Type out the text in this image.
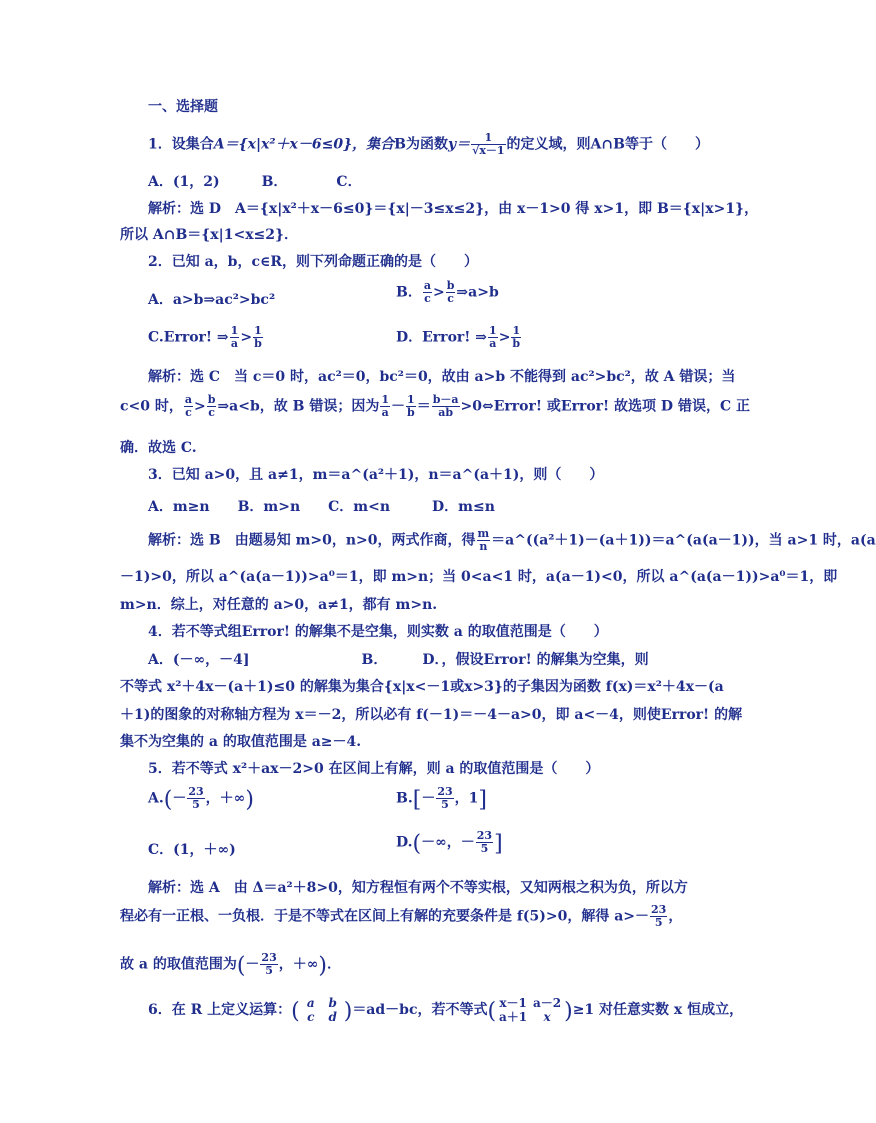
一、选择题
1．设集合A＝{x|x²＋x－6≤0}，集合B为函数$y= \frac{1}{√x-1}$ 的定义域，则A∩B等于（　　）
A．(1，2)　　　B．　　　　C．
解析：选 D　A＝{x|x²＋x－6≤0}＝{x|－3≤x≤2}，由 x－1>0 得 x>1，即 B＝{x|x>1}，
所以 A∩B＝{x|1<x≤2}．
2．已知 a，b，c∈R，则下列命题正确的是（　　）
A．a>b⇒ac²>bc²	B． $\frac{a}{c} > \frac{b}{c}$ ⇒a>b
C.Error! ⇒ $\frac{1}{a} > \frac{1}{b}$	D．Error! ⇒ $\frac{1}{a} > \frac{1}{b}$
解析：选 C　当 c＝0 时，ac²＝0，bc²＝0，故由 a>b 不能得到 ac²>bc²，故 A 错误；当
c<0 时， $\frac{a}{c} > \frac{b}{c}$ ⇒a<b，故 B 错误；因为 $\frac{1}{a} - \frac{1}{b} = \frac{b-a}{ab}$ >0⇔Error! 或Error! 故选项 D 错误，C 正
确．故选 C.
3．已知 a>0，且 a≠1，m＝a^(a²＋1)，n＝a^(a＋1)，则（　　）
A．m≥n　　B．m>n　　C．m<n　　　D．m≤n
解析：选 B　由题易知 m>0，n>0，两式作商，得 $\frac{m}{n}$ ＝a^((a²＋1)－(a＋1))＝a^(a(a－1))，当 a>1 时，a(a
－1)>0，所以 a^(a(a－1))>a⁰＝1，即 m>n；当 0<a<1 时，a(a－1)<0，所以 a^(a(a－1))>a⁰＝1，即
m>n．综上，对任意的 a>0，a≠1，都有 m>n.
4．若不等式组Error! 的解集不是空集，则实数 a 的取值范围是（　　）
A．(－∞，－4]　　　　　　　　B．　　　D．，假设Error! 的解集为空集，则
不等式 x²＋4x－(a＋1)≤0 的解集为集合{x|x<－1或x>3}的子集因为函数 f(x)＝x²＋4x－(a
＋1)的图象的对称轴方程为 x＝－2，所以必有 f(－1)＝－4－a>0，即 a<－4，则使Error! 的解
集不为空集的 a 的取值范围是 a≥－4.
5．若不等式 x²＋ax－2>0 在区间上有解，则 a 的取值范围是（　　）
$A.(- \frac{23}{5}$ ，＋∞)	$B.[- \frac{23}{5}$ ，1]
C．(1，＋∞)	D.(－∞，－ $\frac{23}{5}$ ]
解析：选 A　由 Δ＝a²＋8>0，知方程恒有两个不等实根，又知两根之积为负，所以方
程必有一正根、一负根．于是不等式在区间上有解的充要条件是 f(5)>0，解得 $a>- \frac{23}{5}$ ，
故 a 的取值范围为(－ $\frac{23}{5}$ ，＋∞)．
6．在 R 上定义运算：( a b
c d )＝ad－bc，若不等式( x－1 a－2
a＋1 x )≥1 对任意实数 x 恒成立，
